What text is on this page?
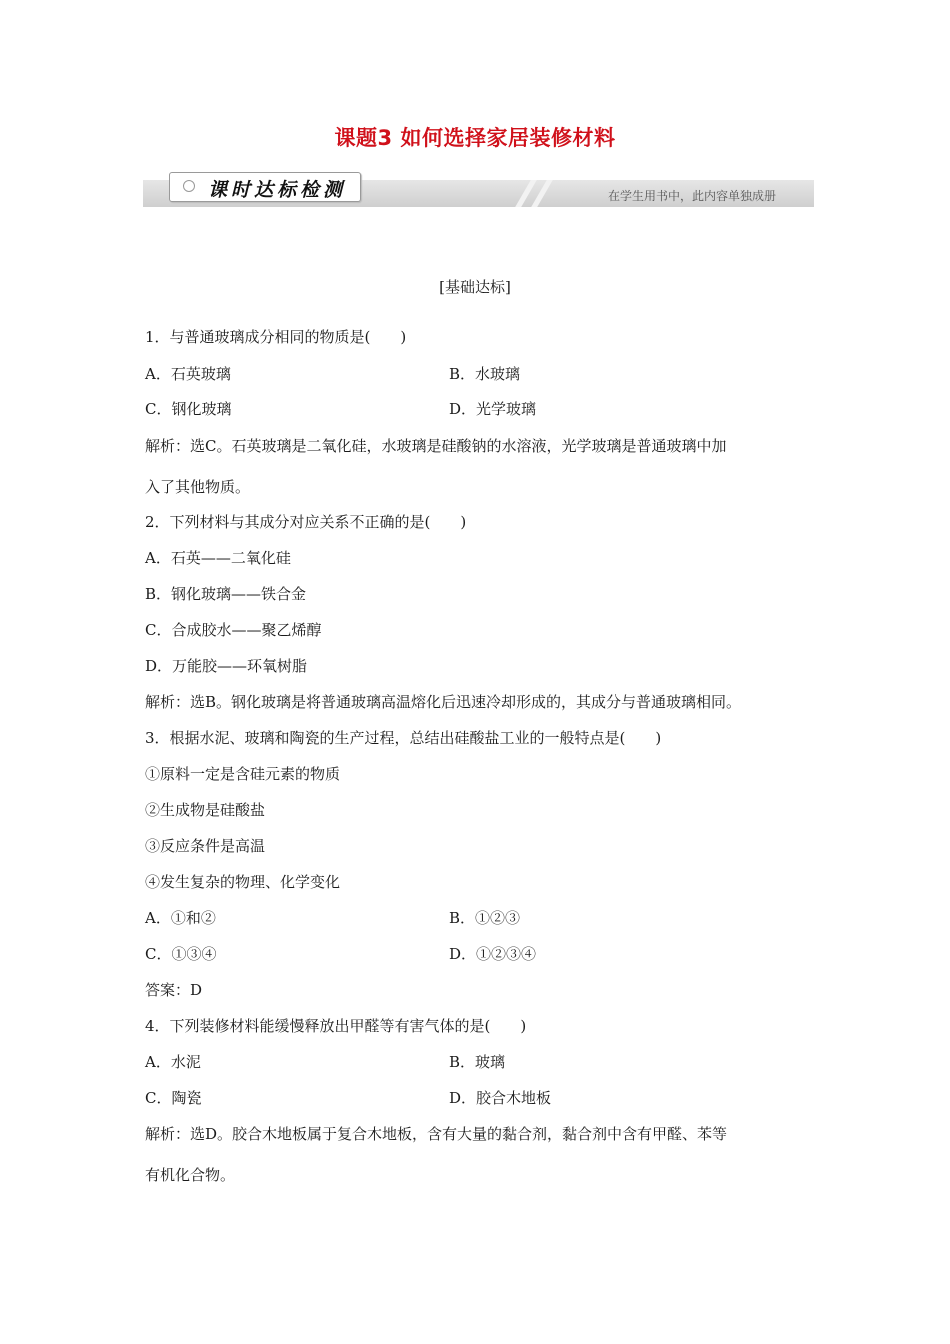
课题3 如何选择家居装修材料
课时达标检测	在学生用书中，此内容单独成册
[基础达标]
1．与普通玻璃成分相同的物质是(　　)
A．石英玻璃	B．水玻璃
C．钢化玻璃	D．光学玻璃
解析：选C。石英玻璃是二氧化硅，水玻璃是硅酸钠的水溶液，光学玻璃是普通玻璃中加
入了其他物质。
2．下列材料与其成分对应关系不正确的是(　　)
A．石英——二氧化硅
B．钢化玻璃——铁合金
C．合成胶水——聚乙烯醇
D．万能胶——环氧树脂
解析：选B。钢化玻璃是将普通玻璃高温熔化后迅速冷却形成的，其成分与普通玻璃相同。
3．根据水泥、玻璃和陶瓷的生产过程，总结出硅酸盐工业的一般特点是(　　)
①原料一定是含硅元素的物质
②生成物是硅酸盐
③反应条件是高温
④发生复杂的物理、化学变化
A．①和②	B．①②③
C．①③④	D．①②③④
答案：D
4．下列装修材料能缓慢释放出甲醛等有害气体的是(　　)
A．水泥	B．玻璃
C．陶瓷	D．胶合木地板
解析：选D。胶合木地板属于复合木地板，含有大量的黏合剂，黏合剂中含有甲醛、苯等
有机化合物。
